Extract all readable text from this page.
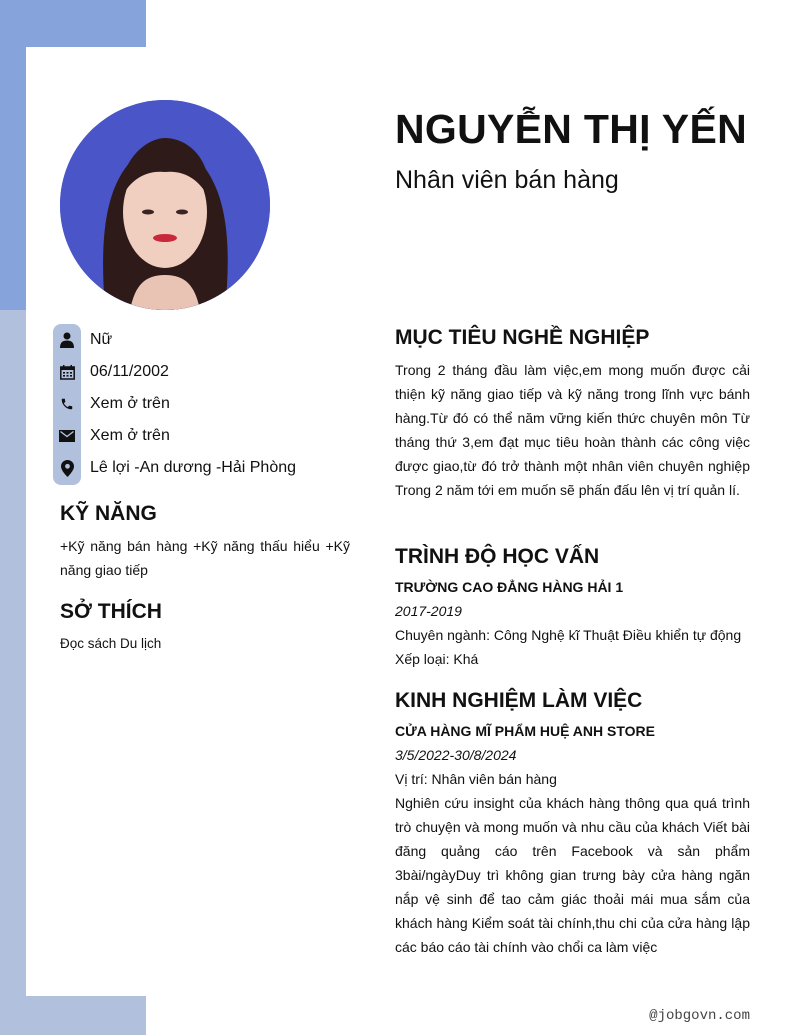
NGUYỄN THỊ YẾN
Nhân viên bán hàng
Nữ
06/11/2002
Xem ở trên
Xem ở trên
Lê lợi -An dương -Hải Phòng
KỸ NĂNG

+Kỹ năng bán hàng +Kỹ năng thấu hiểu +Kỹ năng giao tiếp

SỞ THÍCH

Đọc sách Du lịch

MỤC TIÊU NGHỀ NGHIỆP

Trong 2 tháng đầu làm việc,em mong muốn được cải thiện kỹ năng giao tiếp và kỹ năng trong lĩnh vực bánh hàng.Từ đó có thể năm vững kiến thức chuyên môn Từ tháng thứ 3,em đạt mục tiêu hoàn thành các công việc được giao,từ đó trở thành một nhân viên chuyên nghiệp Trong 2 năm tới em muốn sẽ phấn đấu lên vị trí quản lí.

TRÌNH ĐỘ HỌC VẤN
TRƯỜNG CAO ĐẲNG HÀNG HẢI 1
2017-2019
Chuyên ngành: Công Nghệ kĩ Thuật Điều khiển tự động
Xếp loại: Khá
KINH NGHIỆM LÀM VIỆC
CỬA HÀNG MĨ PHẨM HUỆ ANH STORE
3/5/2022-30/8/2024
Vị trí: Nhân viên bán hàng

Nghiên cứu insight của khách hàng thông qua quá trình trò chuyện và mong muốn và nhu cầu của khách Viết bài đăng quảng cáo trên Facebook và sản phẩm 3bài/ngàyDuy trì không gian trưng bày cửa hàng ngăn nắp vệ sinh để tao cảm giác thoải mái mua sắm của khách hàng Kiểm soát tài chính,thu chi của cửa hàng lập các báo cáo tài chính vào chổi ca làm việc

@jobgovn.com
